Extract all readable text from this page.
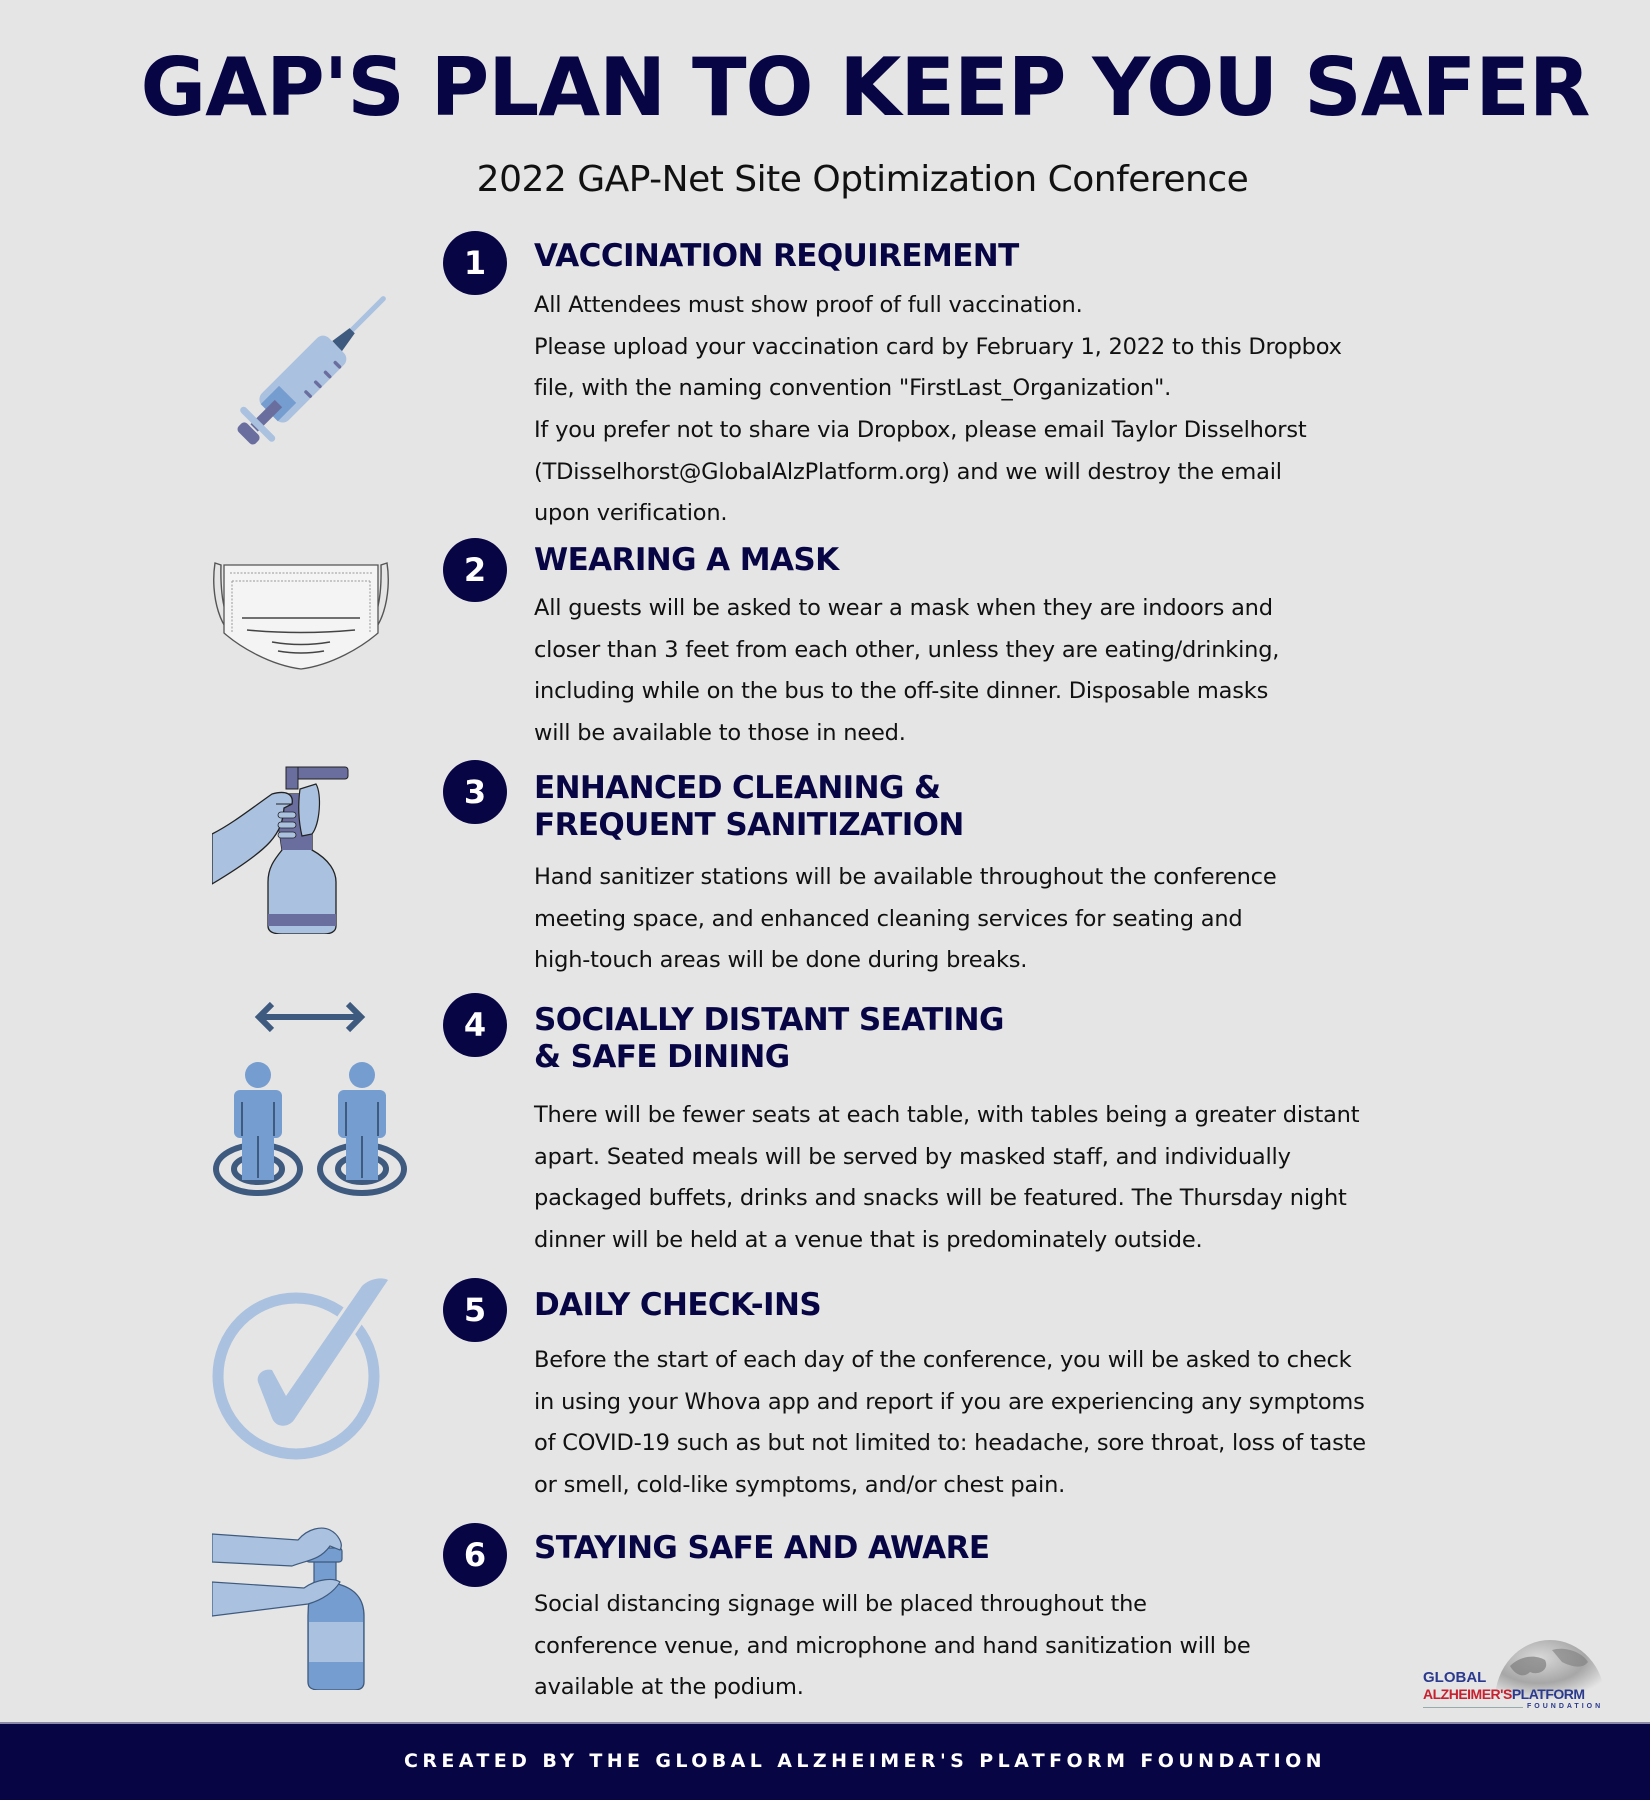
GAP'S PLAN TO KEEP YOU SAFER
2022 GAP-Net Site Optimization Conference
1	VACCINATION REQUIREMENT
All Attendees must show proof of full vaccination.
Please upload your vaccination card by February 1, 2022 to this Dropbox
file, with the naming convention "FirstLast_Organization".
If you prefer not to share via Dropbox, please email Taylor Disselhorst
(TDisselhorst@GlobalAlzPlatform.org) and we will destroy the email
upon verification.
2	WEARING A MASK
All guests will be asked to wear a mask when they are indoors and
closer than 3 feet from each other, unless they are eating/drinking,
including while on the bus to the off-site dinner. Disposable masks
will be available to those in need.
3	ENHANCED CLEANING &
FREQUENT SANITIZATION
Hand sanitizer stations will be available throughout the conference
meeting space, and enhanced cleaning services for seating and
high-touch areas will be done during breaks.
4	SOCIALLY DISTANT SEATING
& SAFE DINING
There will be fewer seats at each table, with tables being a greater distant
apart. Seated meals will be served by masked staff, and individually
packaged buffets, drinks and snacks will be featured. The Thursday night
dinner will be held at a venue that is predominately outside.
5	DAILY CHECK-INS
Before the start of each day of the conference, you will be asked to check
in using your Whova app and report if you are experiencing any symptoms
of COVID-19 such as but not limited to: headache, sore throat, loss of taste
or smell, cold-like symptoms, and/or chest pain.
6	STAYING SAFE AND AWARE
Social distancing signage will be placed throughout the
conference venue, and microphone and hand sanitization will be
available at the podium.	GLOBAL
ALZHEIMER'SPLATFORM
FOUNDATION
CREATED BY THE GLOBAL ALZHEIMER'S PLATFORM FOUNDATION
